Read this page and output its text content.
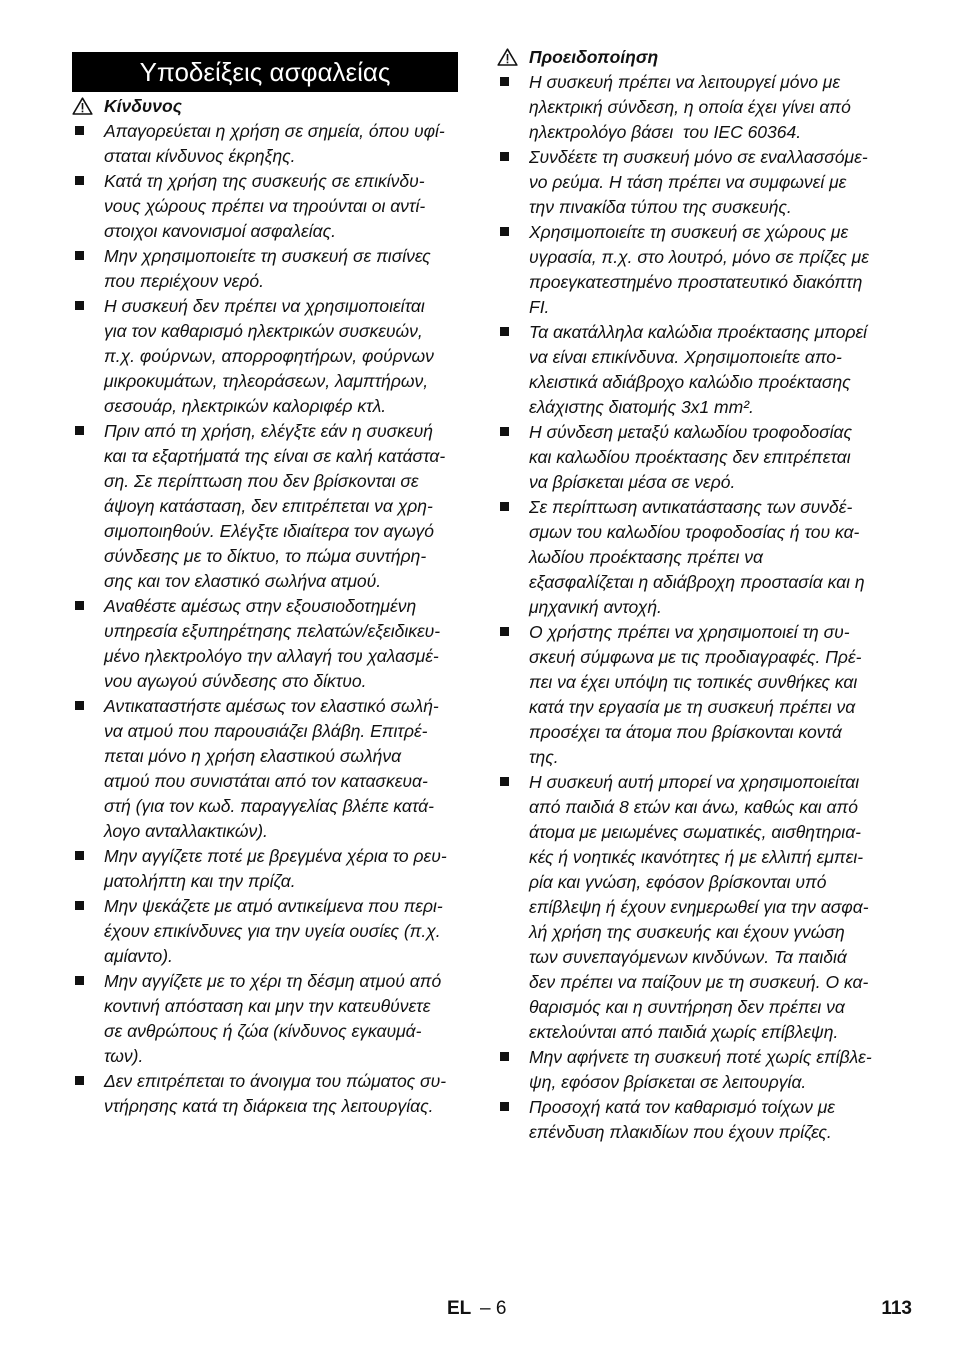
Υποδείξεις ασφαλείας
Κίνδυνος
Απαγορεύεται η χρήση σε σημεία, όπου υφί-
σταται κίνδυνος έκρηξης.
Κατά τη χρήση της συσκευής σε επικίνδυ-
νους χώρους πρέπει να τηρούνται οι αντί-
στοιχοι κανονισμοί ασφαλείας.
Μην χρησιμοποιείτε τη συσκευή σε πισίνες
που περιέχουν νερό.
Η συσκευή δεν πρέπει να χρησιμοποιείται
για τον καθαρισμό ηλεκτρικών συσκευών,
π.χ. φούρνων, απορροφητήρων, φούρνων
μικροκυμάτων, τηλεοράσεων, λαμπτήρων,
σεσουάρ, ηλεκτρικών καλοριφέρ κτλ.
Πριν από τη χρήση, ελέγξτε εάν η συσκευή
και τα εξαρτήματά της είναι σε καλή κατάστα-
ση. Σε περίπτωση που δεν βρίσκονται σε
άψογη κατάσταση, δεν επιτρέπεται να χρη-
σιμοποιηθούν. Ελέγξτε ιδιαίτερα τον αγωγό
σύνδεσης με το δίκτυο, το πώμα συντήρη-
σης και τον ελαστικό σωλήνα ατμού.
Αναθέστε αμέσως στην εξουσιοδοτημένη
υπηρεσία εξυπηρέτησης πελατών/εξειδικευ-
μένο ηλεκτρολόγο την αλλαγή του χαλασμέ-
νου αγωγού σύνδεσης στο δίκτυο.
Αντικαταστήστε αμέσως τον ελαστικό σωλή-
να ατμού που παρουσιάζει βλάβη. Επιτρέ-
πεται μόνο η χρήση ελαστικού σωλήνα
ατμού που συνιστάται από τον κατασκευα-
στή (για τον κωδ. παραγγελίας βλέπε κατά-
λογο ανταλλακτικών).
Μην αγγίζετε ποτέ με βρεγμένα χέρια το ρευ-
ματολήπτη και την πρίζα.
Μην ψεκάζετε με ατμό αντικείμενα που περι-
έχουν επικίνδυνες για την υγεία ουσίες (π.χ.
αμίαντο).
Μην αγγίζετε με το χέρι τη δέσμη ατμού από
κοντινή απόσταση και μην την κατευθύνετε
σε ανθρώπους ή ζώα (κίνδυνος εγκαυμά-
των).
Δεν επιτρέπεται το άνοιγμα του πώματος συ-
ντήρησης κατά τη διάρκεια της λειτουργίας.
Προειδοποίηση
Η συσκευή πρέπει να λειτουργεί μόνο με
ηλεκτρική σύνδεση, η οποία έχει γίνει από
ηλεκτρολόγο βάσει  του IEC 60364.
Συνδέετε τη συσκευή μόνο σε εναλλασσόμε-
νο ρεύμα. Η τάση πρέπει να συμφωνεί με
την πινακίδα τύπου της συσκευής.
Χρησιμοποιείτε τη συσκευή σε χώρους με
υγρασία, π.χ. στο λουτρό, μόνο σε πρίζες με
προεγκατεστημένο προστατευτικό διακόπτη
FI.
Τα ακατάλληλα καλώδια προέκτασης μπορεί
να είναι επικίνδυνα. Χρησιμοποιείτε απο-
κλειστικά αδιάβροχο καλώδιο προέκτασης
ελάχιστης διατομής 3x1 mm².
Η σύνδεση μεταξύ καλωδίου τροφοδοσίας
και καλωδίου προέκτασης δεν επιτρέπεται
να βρίσκεται μέσα σε νερό.
Σε περίπτωση αντικατάστασης των συνδέ-
σμων του καλωδίου τροφοδοσίας ή του κα-
λωδίου προέκτασης πρέπει να
εξασφαλίζεται η αδιάβροχη προστασία και η
μηχανική αντοχή.
Ο χρήστης πρέπει να χρησιμοποιεί τη συ-
σκευή σύμφωνα με τις προδιαγραφές. Πρέ-
πει να έχει υπόψη τις τοπικές συνθήκες και
κατά την εργασία με τη συσκευή πρέπει να
προσέχει τα άτομα που βρίσκονται κοντά
της.
Η συσκευή αυτή μπορεί να χρησιμοποιείται
από παιδιά 8 ετών και άνω, καθώς και από
άτομα με μειωμένες σωματικές, αισθητηρια-
κές ή νοητικές ικανότητες ή με ελλιπή εμπει-
ρία και γνώση, εφόσον βρίσκονται υπό
επίβλεψη ή έχουν ενημερωθεί για την ασφα-
λή χρήση της συσκευής και έχουν γνώση
των συνεπαγόμενων κινδύνων. Τα παιδιά
δεν πρέπει να παίζουν με τη συσκευή. Ο κα-
θαρισμός και η συντήρηση δεν πρέπει να
εκτελούνται από παιδιά χωρίς επίβλεψη.
Μην αφήνετε τη συσκευή ποτέ χωρίς επίβλε-
ψη, εφόσον βρίσκεται σε λειτουργία.
Προσοχή κατά τον καθαρισμό τοίχων με
επένδυση πλακιδίων που έχουν πρίζες.
EL – 6	113
